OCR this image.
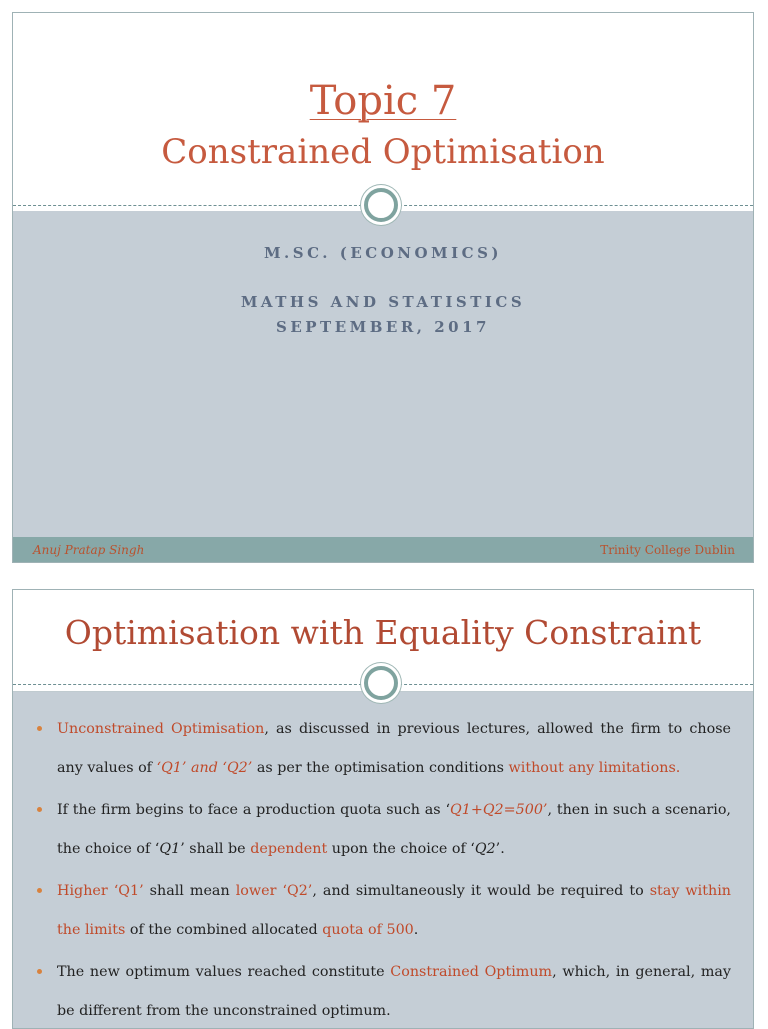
Topic 7
Constrained Optimisation
M.SC. (ECONOMICS)
MATHS AND STATISTICS
SEPTEMBER, 2017
Anuj Pratap Singh	Trinity College Dublin
Optimisation with Equality Constraint
Unconstrained Optimisation, as discussed in previous lectures, allowed the firm to chose any values of ‘Q1’ and ‘Q2’ as per the optimisation conditions without any limitations.
If the firm begins to face a production quota such as ‘Q1+Q2=500’, then in such a scenario, the choice of ‘Q1’ shall be dependent upon the choice of ‘Q2’.
Higher ‘Q1’ shall mean lower ‘Q2’, and simultaneously it would be required to stay within the limits of the combined allocated quota of 500.
The new optimum values reached constitute Constrained Optimum, which, in general, may be different from the unconstrained optimum.
